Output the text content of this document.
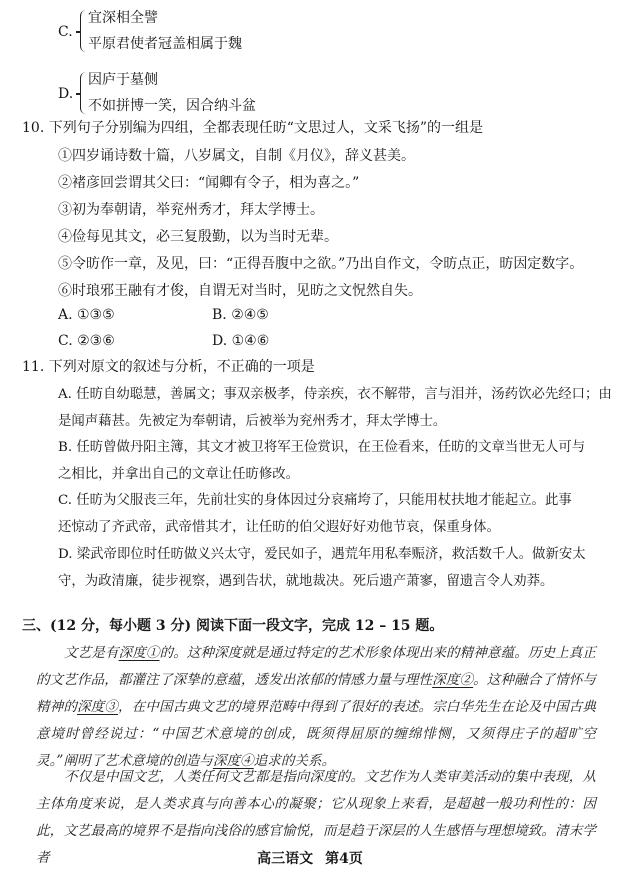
C.
宜深相全譬
平原君使者冠盖相属于魏
D.
因庐于墓侧
不如拼博一笑，因合纳斗盆
10. 下列句子分别编为四组，全都表现任昉“文思过人，文采飞扬”的一组是
①四岁诵诗数十篇，八岁属文，自制《月仪》，辞义甚美。
②褚彦回尝谓其父曰：“闻卿有令子，相为喜之。”
③初为奉朝请，举兖州秀才，拜太学博士。
④俭每见其文，必三复殷勤，以为当时无辈。
⑤令昉作一章，及见，曰：“正得吾腹中之欲。”乃出自作文，令昉点正，昉因定数字。
⑥时琅邪王融有才俊，自谓无对当时，见昉之文怳然自失。
A. ①③⑤	B. ②④⑤
C. ②③⑥	D. ①④⑥
11. 下列对原文的叙述与分析，不正确的一项是
A. 任昉自幼聪慧，善属文；事双亲极孝，侍亲疾，衣不解带，言与泪并，汤药饮必先经口；由
是闻声藉甚。先被定为奉朝请，后被举为兖州秀才，拜太学博士。
B. 任昉曾做丹阳主簿，其文才被卫将军王俭赏识，在王俭看来，任昉的文章当世无人可与
之相比，并拿出自己的文章让任昉修改。
C. 任昉为父服丧三年，先前壮实的身体因过分哀痛垮了，只能用杖扶地才能起立。此事
还惊动了齐武帝，武帝惜其才，让任昉的伯父遐好好劝他节哀，保重身体。
D. 梁武帝即位时任昉做义兴太守，爱民如子，遇荒年用私奉赈济，救活数千人。做新安太
守，为政清廉，徒步视察，遇到告状，就地裁决。死后遗产萧寥，留遗言令人劝莽。
三、(12 分，每小题 3 分) 阅读下面一段文字，完成 12 – 15 题。
文艺是有深度①的。这种深度就是通过特定的艺术形象体现出来的精神意蕴。历史上真正的文艺作品，都灌注了深挚的意蕴，透发出浓郁的情感力量与理性深度②。这种融合了情怀与精神的深度③，在中国古典文艺的境界范畴中得到了很好的表述。宗白华先生在论及中国古典意境时曾经说过：“中国艺术意境的创成，既须得屈原的缠绵悱恻，又须得庄子的超旷空灵。”阐明了艺术意境的创造与深度④追求的关系。
不仅是中国文艺，人类任何文艺都是指向深度的。文艺作为人类审美活动的集中表现，从主体角度来说，是人类求真与向善本心的凝聚；它从现象上来看，是超越一般功利性的：因此，文艺最高的境界不是指向浅俗的感官愉悦，而是趋于深层的人生感悟与理想境致。清末学者	高三语文 第4页
